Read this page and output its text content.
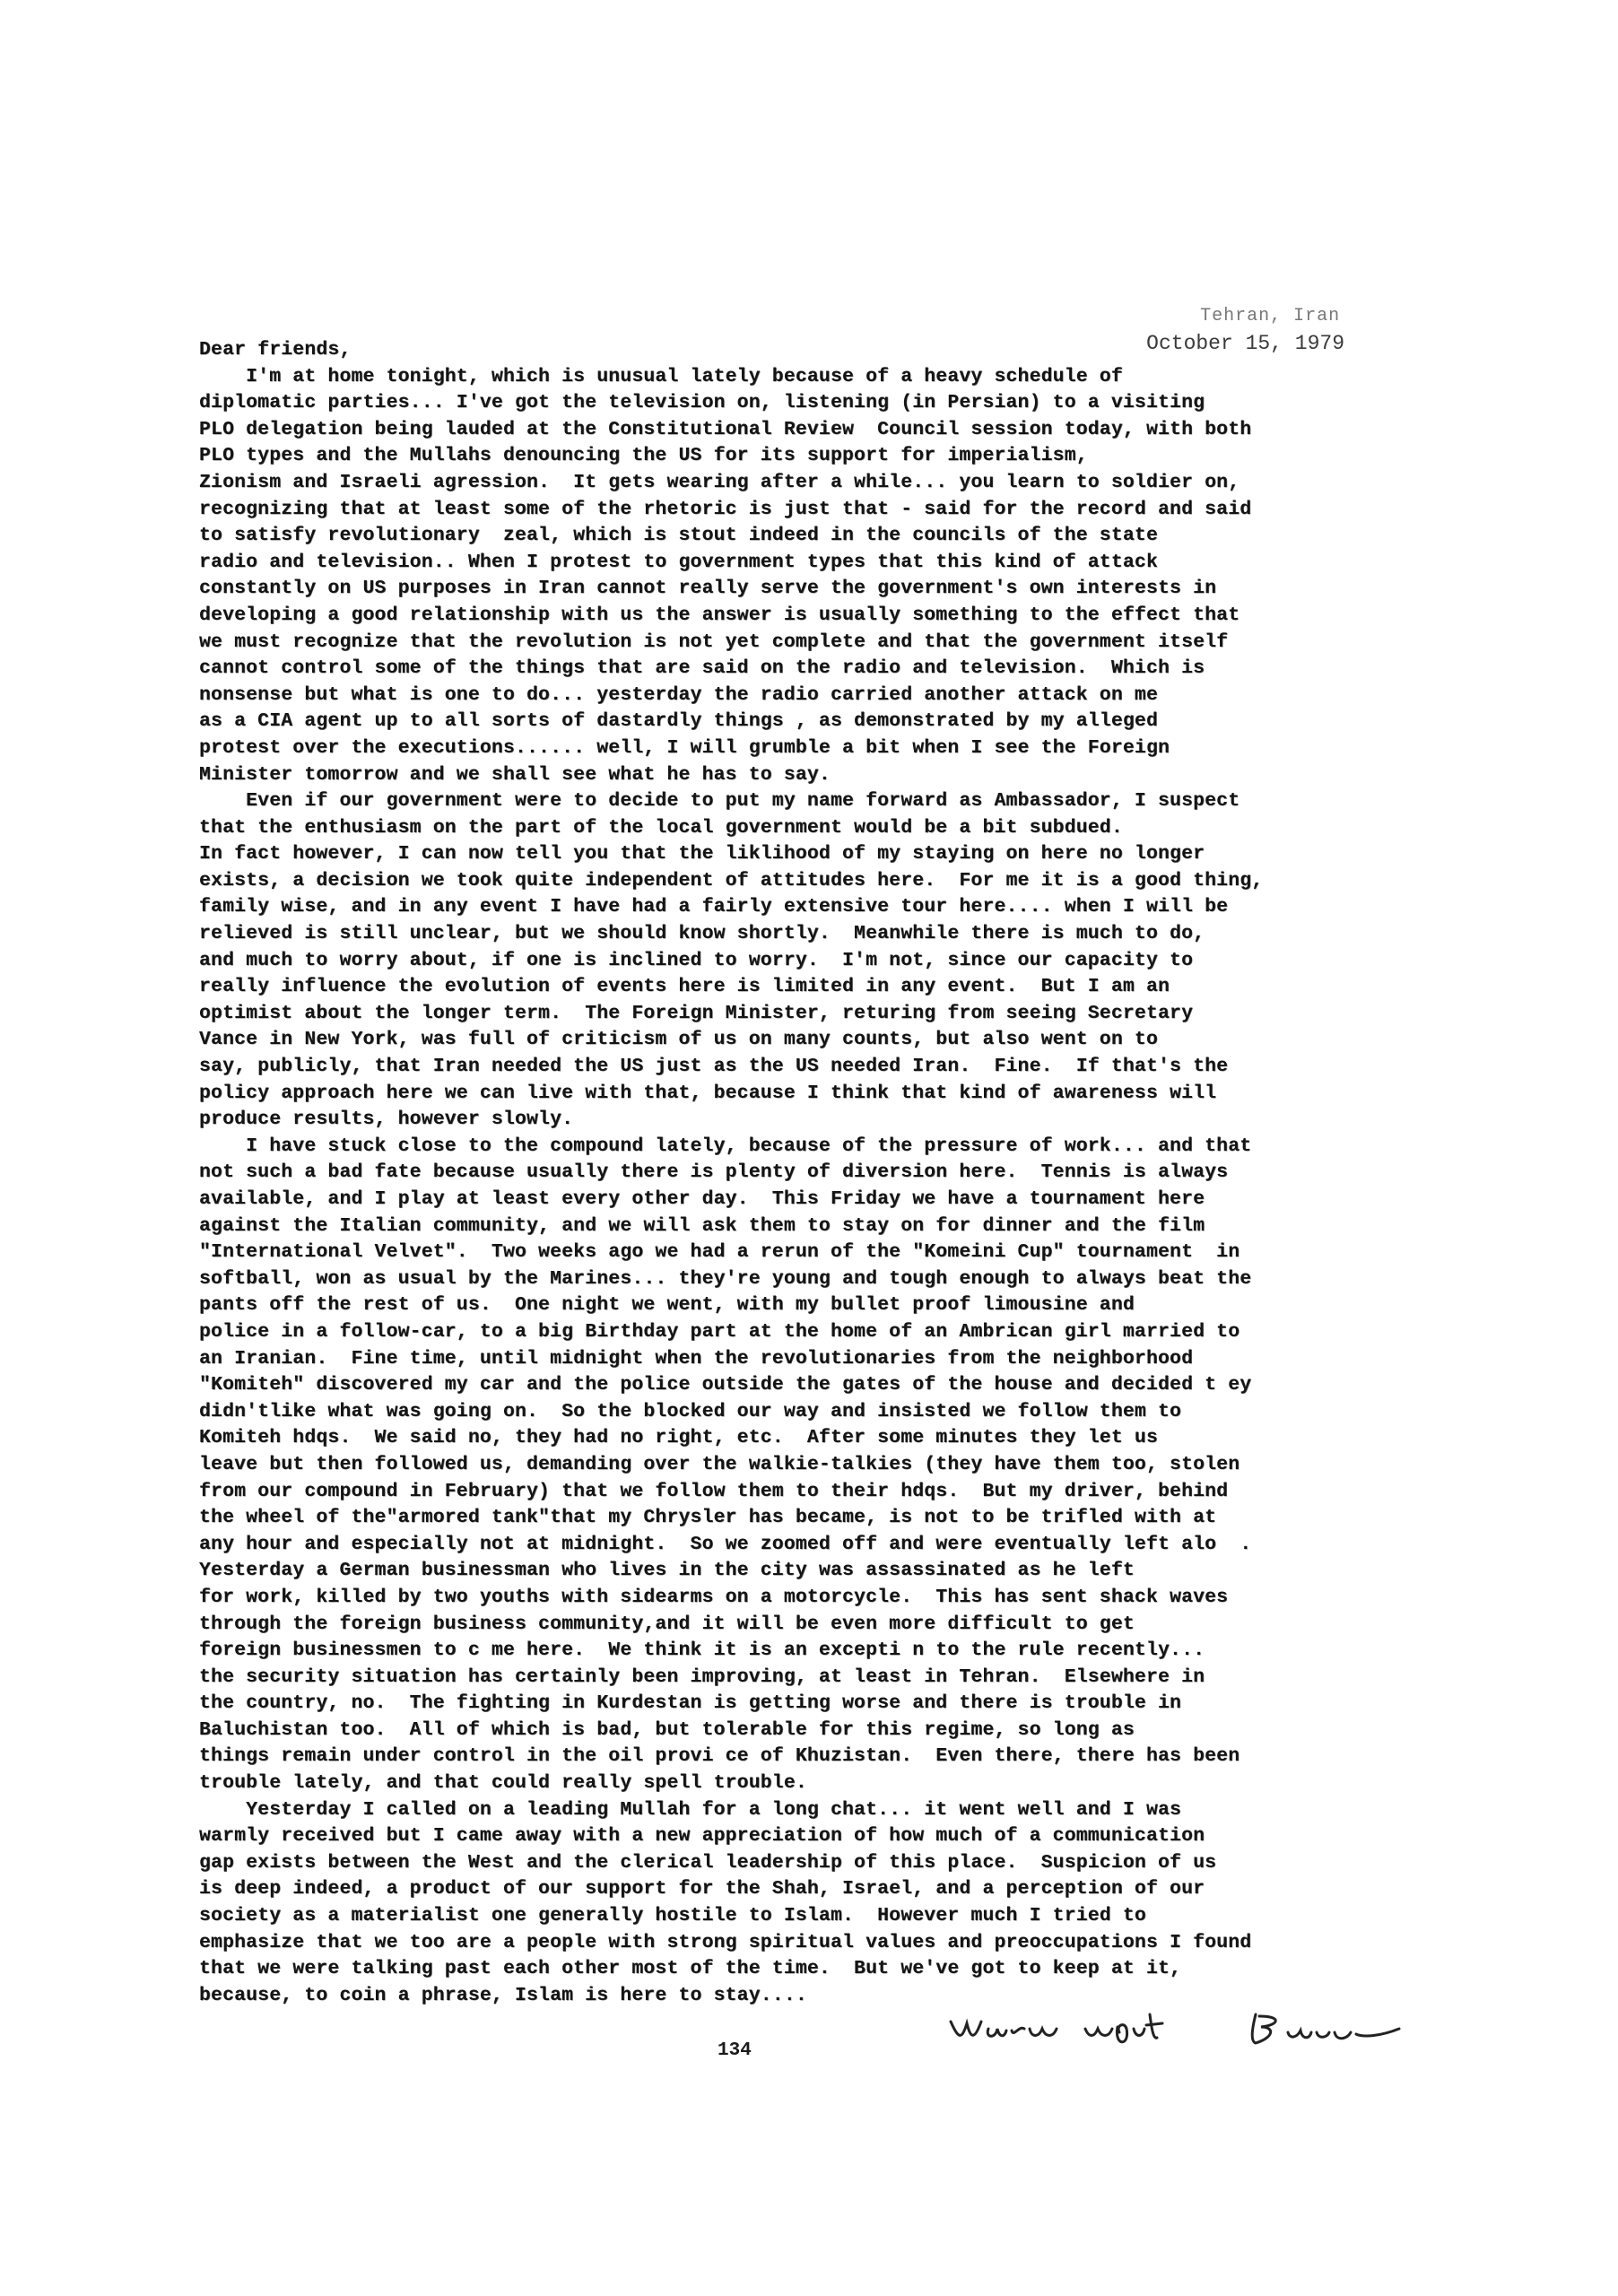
Tehran, Iran
October 15, 1979
Dear friends,
I'm at home tonight, which is unusual lately because of a heavy schedule of
diplomatic parties... I've got the television on, listening (in Persian) to a visiting
PLO delegation being lauded at the Constitutional Review  Council session today, with both
PLO types and the Mullahs denouncing the US for its support for imperialism,
Zionism and Israeli agression.  It gets wearing after a while... you learn to soldier on,
recognizing that at least some of the rhetoric is just that - said for the record and said
to satisfy revolutionary  zeal, which is stout indeed in the councils of the state
radio and television.. When I protest to government types that this kind of attack
constantly on US purposes in Iran cannot really serve the government's own interests in
developing a good relationship with us the answer is usually something to the effect that
we must recognize that the revolution is not yet complete and that the government itself
cannot control some of the things that are said on the radio and television.  Which is
nonsense but what is one to do... yesterday the radio carried another attack on me
as a CIA agent up to all sorts of dastardly things , as demonstrated by my alleged
protest over the executions...... well, I will grumble a bit when I see the Foreign
Minister tomorrow and we shall see what he has to say.
Even if our government were to decide to put my name forward as Ambassador, I suspect
that the enthusiasm on the part of the local government would be a bit subdued.
In fact however, I can now tell you that the liklihood of my staying on here no longer
exists, a decision we took quite independent of attitudes here.  For me it is a good thing,
family wise, and in any event I have had a fairly extensive tour here.... when I will be
relieved is still unclear, but we should know shortly.  Meanwhile there is much to do,
and much to worry about, if one is inclined to worry.  I'm not, since our capacity to
really influence the evolution of events here is limited in any event.  But I am an
optimist about the longer term.  The Foreign Minister, returing from seeing Secretary
Vance in New York, was full of criticism of us on many counts, but also went on to
say, publicly, that Iran needed the US just as the US needed Iran.  Fine.  If that's the
policy approach here we can live with that, because I think that kind of awareness will
produce results, however slowly.
I have stuck close to the compound lately, because of the pressure of work... and that
not such a bad fate because usually there is plenty of diversion here.  Tennis is always
available, and I play at least every other day.  This Friday we have a tournament here
against the Italian community, and we will ask them to stay on for dinner and the film
"International Velvet".  Two weeks ago we had a rerun of the "Komeini Cup" tournament  in
softball, won as usual by the Marines... they're young and tough enough to always beat the
pants off the rest of us.  One night we went, with my bullet proof limousine and
police in a follow-car, to a big Birthday part at the home of an Ambrican girl married to
an Iranian.  Fine time, until midnight when the revolutionaries from the neighborhood
"Komiteh" discovered my car and the police outside the gates of the house and decided t ey
didn'tlike what was going on.  So the blocked our way and insisted we follow them to
Komiteh hdqs.  We said no, they had no right, etc.  After some minutes they let us
leave but then followed us, demanding over the walkie-talkies (they have them too, stolen
from our compound in February) that we follow them to their hdqs.  But my driver, behind
the wheel of the"armored tank"that my Chrysler has became, is not to be trifled with at
any hour and especially not at midnight.  So we zoomed off and were eventually left alo  .
Yesterday a German businessman who lives in the city was assassinated as he left
for work, killed by two youths with sidearms on a motorcycle.  This has sent shack waves
through the foreign business community,and it will be even more difficult to get
foreign businessmen to c me here.  We think it is an excepti n to the rule recently...
the security situation has certainly been improving, at least in Tehran.  Elsewhere in
the country, no.  The fighting in Kurdestan is getting worse and there is trouble in
Baluchistan too.  All of which is bad, but tolerable for this regime, so long as
things remain under control in the oil provi ce of Khuzistan.  Even there, there has been
trouble lately, and that could really spell trouble.
Yesterday I called on a leading Mullah for a long chat... it went well and I was
warmly received but I came away with a new appreciation of how much of a communication
gap exists between the West and the clerical leadership of this place.  Suspicion of us
is deep indeed, a product of our support for the Shah, Israel, and a perception of our
society as a materialist one generally hostile to Islam.  However much I tried to
emphasize that we too are a people with strong spiritual values and preoccupations I found
that we were talking past each other most of the time.  But we've got to keep at it,
because, to coin a phrase, Islam is here to stay....
134
